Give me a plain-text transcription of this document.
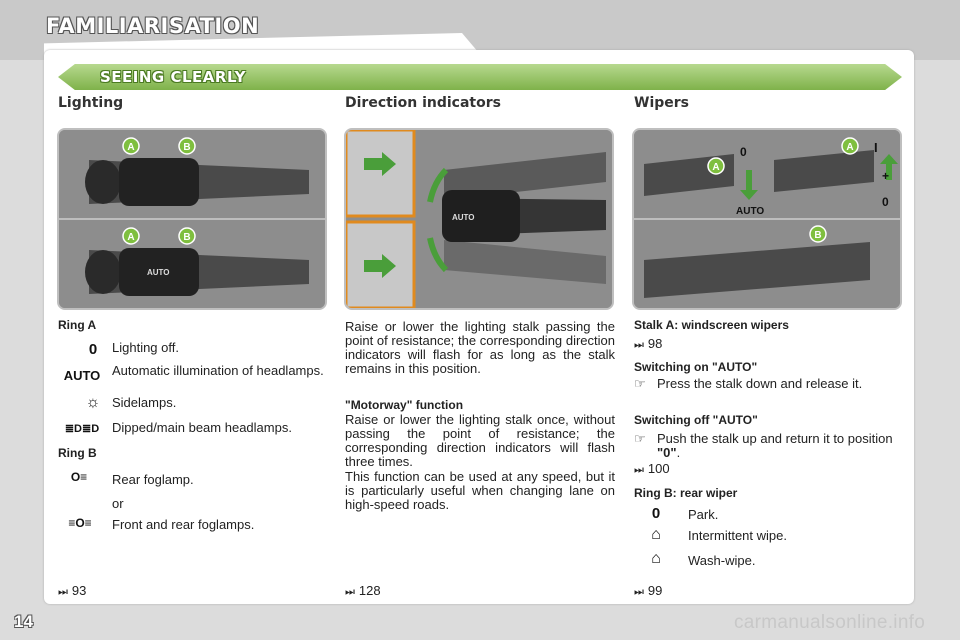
FAMILIARISATION
SEEING CLEARLY
Lighting	Direction indicators	Wipers
A	B
A	B
AUTO
AUTO
A
A
B
0
AUTO
I
+
0
Ring A
0	Lighting off.
AUTO Automatic illumination of headlamps.
☼ Sidelamps.
≣D≣D Dipped/main beam headlamps.
Ring B
O≡	Rear foglamp.
or
≡O≡	Front and rear foglamps.
⏭ 93
Raise or lower the lighting stalk passing the point of resistance; the corresponding direction indicators will flash for as long as the stalk remains in this position.
"Motorway" function
Raise or lower the lighting stalk once, without passing the point of resistance; the corresponding direction indicators will flash three times.
This function can be used at any speed, but it is particularly useful when changing lane on high-speed roads.
⏭ 128
Stalk A: windscreen wipers
⏭ 98
Switching on "AUTO"
☞ Press the stalk down and release it.
Switching off "AUTO"
☞ Push the stalk up and return it to position "0".
⏭ 100
Ring B: rear wiper
0	Park.
⌂	Intermittent wipe.
⌂	Wash-wipe.
⏭ 99
14	carmanualsonline.info
